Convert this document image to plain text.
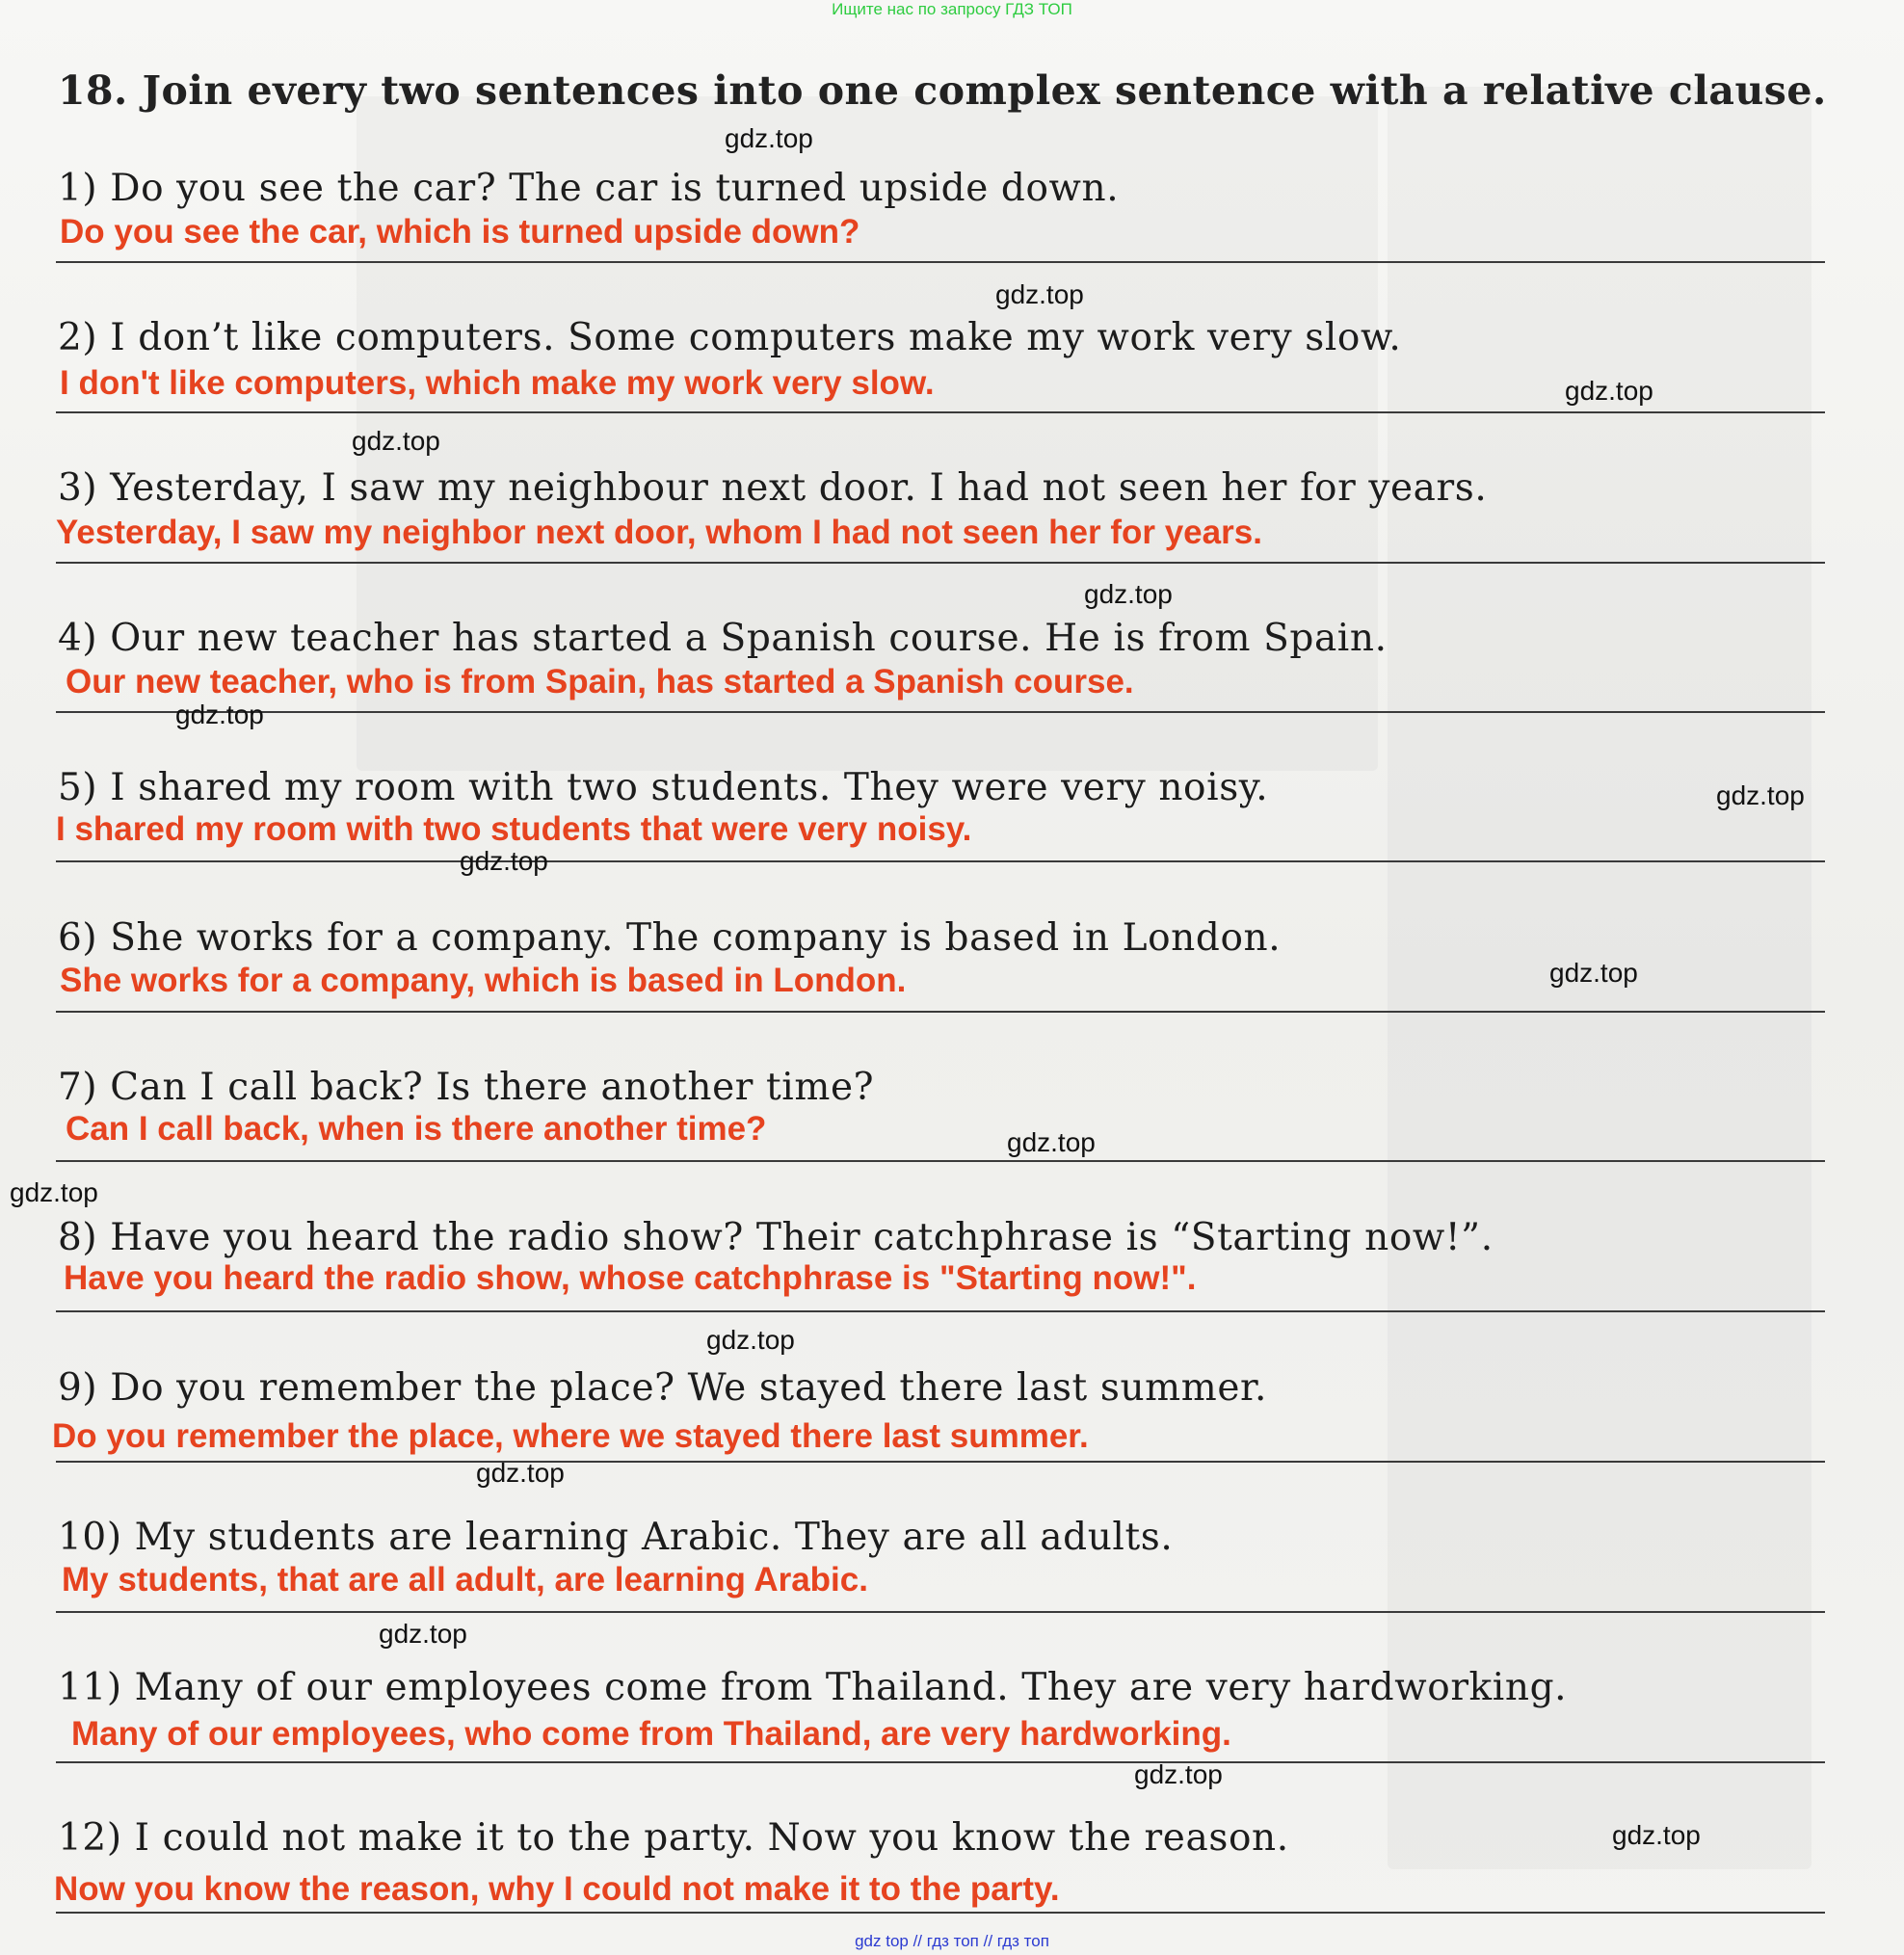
Ищите нас по запросу ГДЗ ТОП
18. Join every two sentences into one complex sentence with a relative clause.
1) Do you see the car? The car is turned upside down.
Do you see the car, which is turned upside down?
2) I don’t like computers. Some computers make my work very slow.
I don't like computers, which make my work very slow.
3) Yesterday, I saw my neighbour next door. I had not seen her for years.
Yesterday, I saw my neighbor next door, whom I had not seen her for years.
4) Our new teacher has started a Spanish course. He is from Spain.
Our new teacher, who is from Spain, has started a Spanish course.
5) I shared my room with two students. They were very noisy.
I shared my room with two students that were very noisy.
6) She works for a company. The company is based in London.
She works for a company, which is based in London.
7) Can I call back? Is there another time?
Can I call back, when is there another time?
8) Have you heard the radio show? Their catchphrase is “Starting now!”.
Have you heard the radio show, whose catchphrase is "Starting now!".
9) Do you remember the place? We stayed there last summer.
Do you remember the place, where we stayed there last summer.
10) My students are learning Arabic. They are all adults.
My students, that are all adult, are learning Arabic.
11) Many of our employees come from Thailand. They are very hardworking.
Many of our employees, who come from Thailand, are very hardworking.
12) I could not make it to the party. Now you know the reason.
Now you know the reason, why I could not make it to the party.
gdz.top
gdz.top
gdz.top
gdz.top
gdz.top
gdz.top
gdz.top
gdz.top
gdz.top
gdz.top
gdz.top
gdz.top
gdz.top
gdz.top
gdz.top
gdz.top
gdz top // гдз топ // гдз топ
